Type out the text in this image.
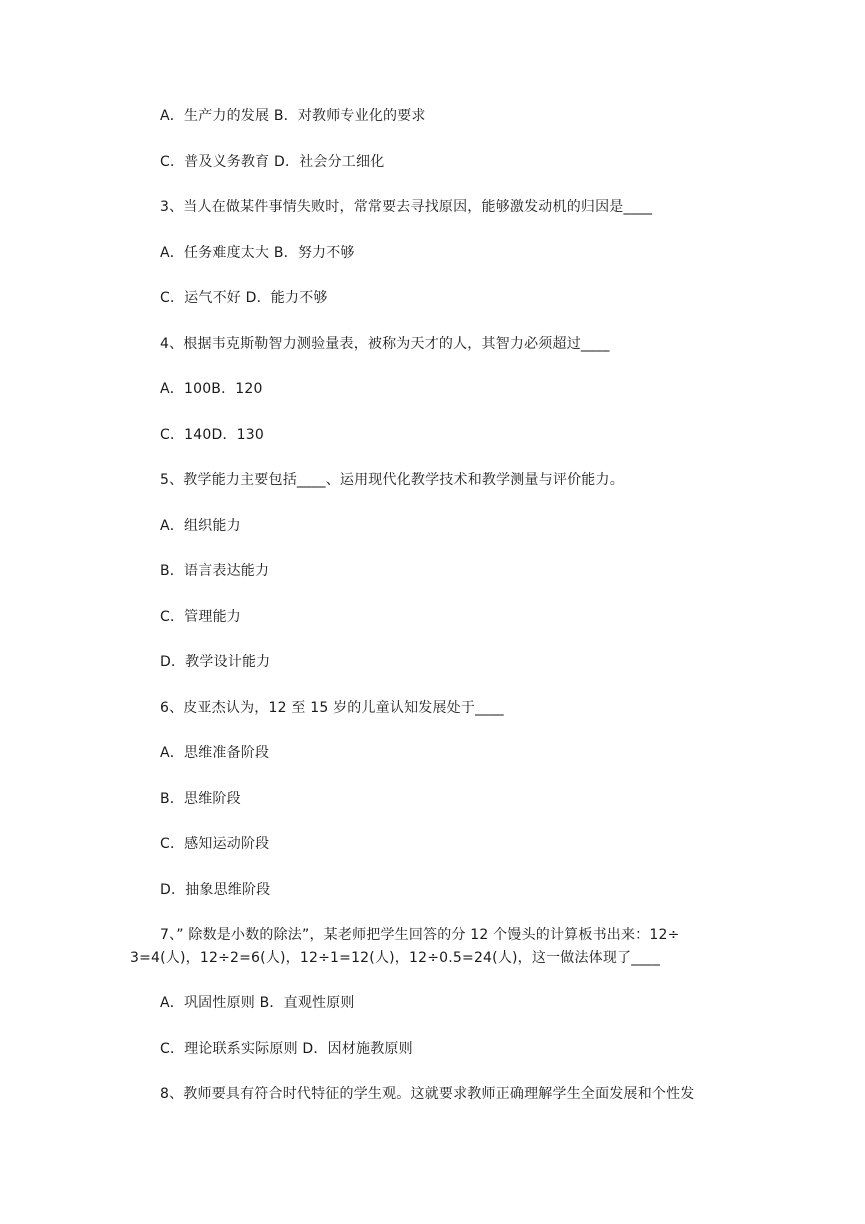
A．生产力的发展 B．对教师专业化的要求
C．普及义务教育 D．社会分工细化
3、当人在做某件事情失败时，常常要去寻找原因，能够激发动机的归因是____
A．任务难度太大 B．努力不够
C．运气不好 D．能力不够
4、根据韦克斯勒智力测验量表，被称为天才的人，其智力必须超过____
A．100B．120
C．140D．130
5、教学能力主要包括____、运用现代化教学技术和教学测量与评价能力。
A．组织能力
B．语言表达能力
C．管理能力
D．教学设计能力
6、皮亚杰认为，12 至 15 岁的儿童认知发展处于____
A．思维准备阶段
B．思维阶段
C．感知运动阶段
D．抽象思维阶段
7、” 除数是小数的除法”，某老师把学生回答的分 12 个馒头的计算板书出来：12÷
3=4(人)，12÷2=6(人)，12÷1=12(人)，12÷0.5=24(人)，这一做法体现了____
A．巩固性原则 B．直观性原则
C．理论联系实际原则 D．因材施教原则
8、教师要具有符合时代特征的学生观。这就要求教师正确理解学生全面发展和个性发
